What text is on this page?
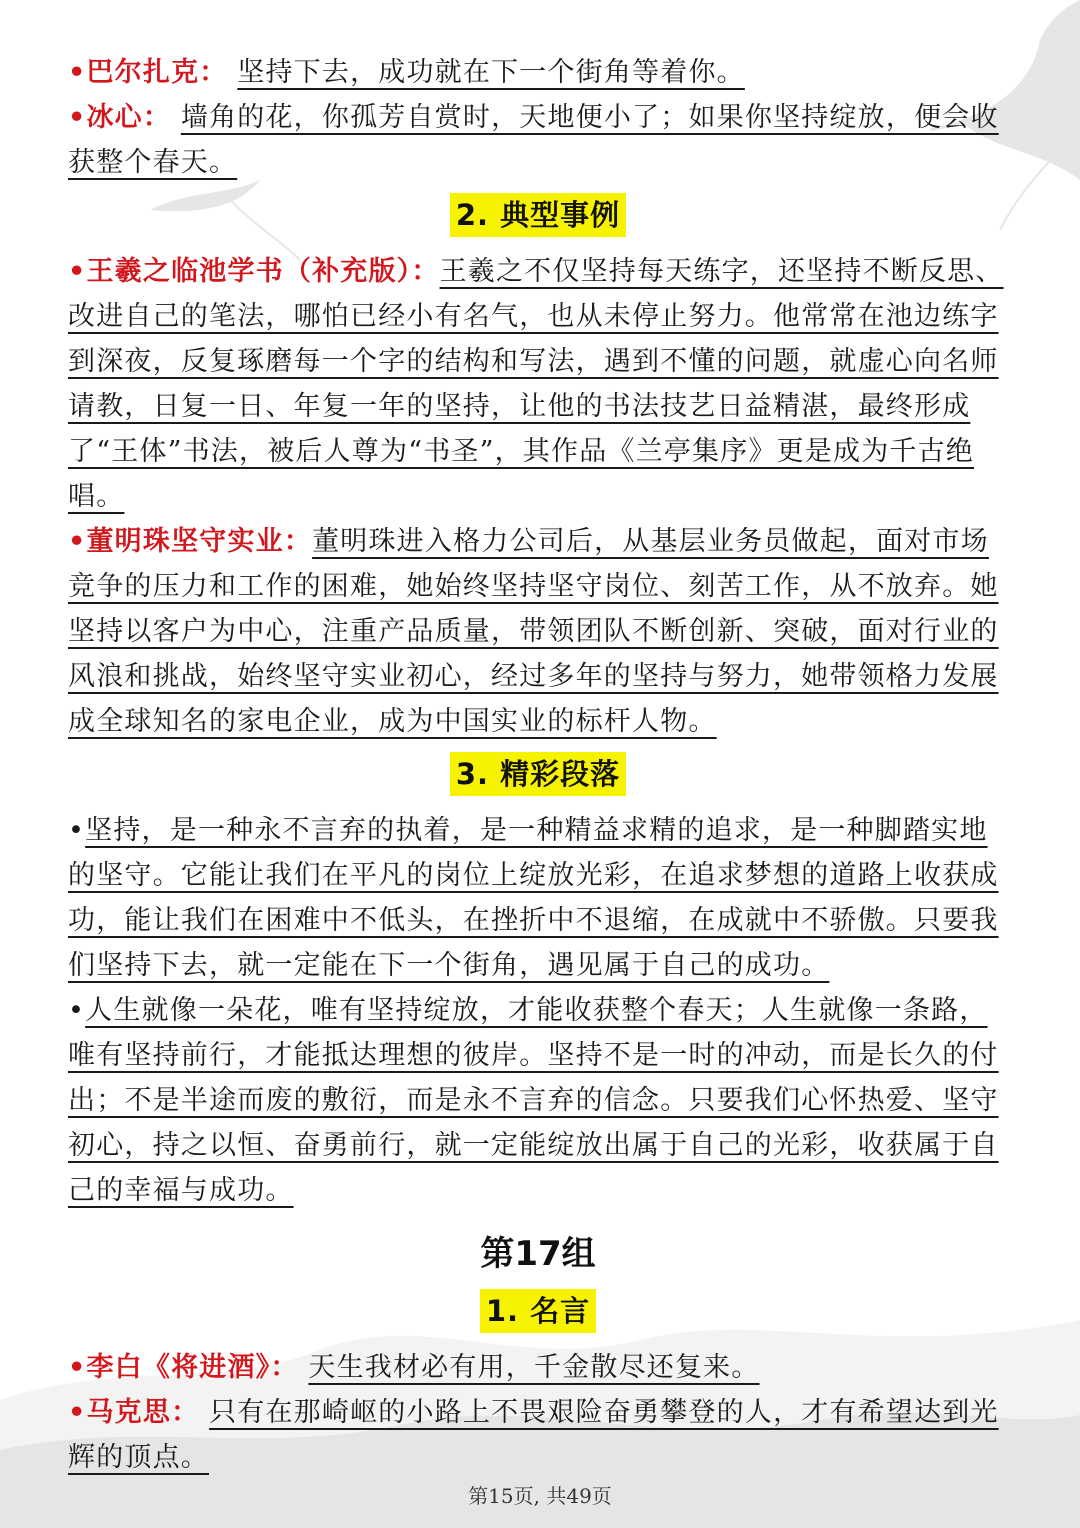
•巴尔扎克： 坚持下去，成功就在下一个街角等着你。

•冰心： 墙角的花，你孤芳自赏时，天地便小了；如果你坚持绽放，便会收获整个春天。

2. 典型事例

•王羲之临池学书（补充版）：王羲之不仅坚持每天练字，还坚持不断反思、改进自己的笔法，哪怕已经小有名气，也从未停止努力。他常常在池边练字到深夜，反复琢磨每一个字的结构和写法，遇到不懂的问题，就虚心向名师请教，日复一日、年复一年的坚持，让他的书法技艺日益精湛，最终形成了“王体”书法，被后人尊为“书圣”，其作品《兰亭集序》更是成为千古绝唱。

•董明珠坚守实业：董明珠进入格力公司后，从基层业务员做起，面对市场竞争的压力和工作的困难，她始终坚持坚守岗位、刻苦工作，从不放弃。她坚持以客户为中心，注重产品质量，带领团队不断创新、突破，面对行业的风浪和挑战，始终坚守实业初心，经过多年的坚持与努力，她带领格力发展成全球知名的家电企业，成为中国实业的标杆人物。

3. 精彩段落

•坚持，是一种永不言弃的执着，是一种精益求精的追求，是一种脚踏实地的坚守。它能让我们在平凡的岗位上绽放光彩，在追求梦想的道路上收获成功，能让我们在困难中不低头，在挫折中不退缩，在成就中不骄傲。只要我们坚持下去，就一定能在下一个街角，遇见属于自己的成功。

•人生就像一朵花，唯有坚持绽放，才能收获整个春天；人生就像一条路，唯有坚持前行，才能抵达理想的彼岸。坚持不是一时的冲动，而是长久的付出；不是半途而废的敷衍，而是永不言弃的信念。只要我们心怀热爱、坚守初心，持之以恒、奋勇前行，就一定能绽放出属于自己的光彩，收获属于自己的幸福与成功。

第17组
1. 名言

•李白《将进酒》： 天生我材必有用，千金散尽还复来。

•马克思： 只有在那崎岖的小路上不畏艰险奋勇攀登的人，才有希望达到光辉的顶点。

第15页, 共49页
